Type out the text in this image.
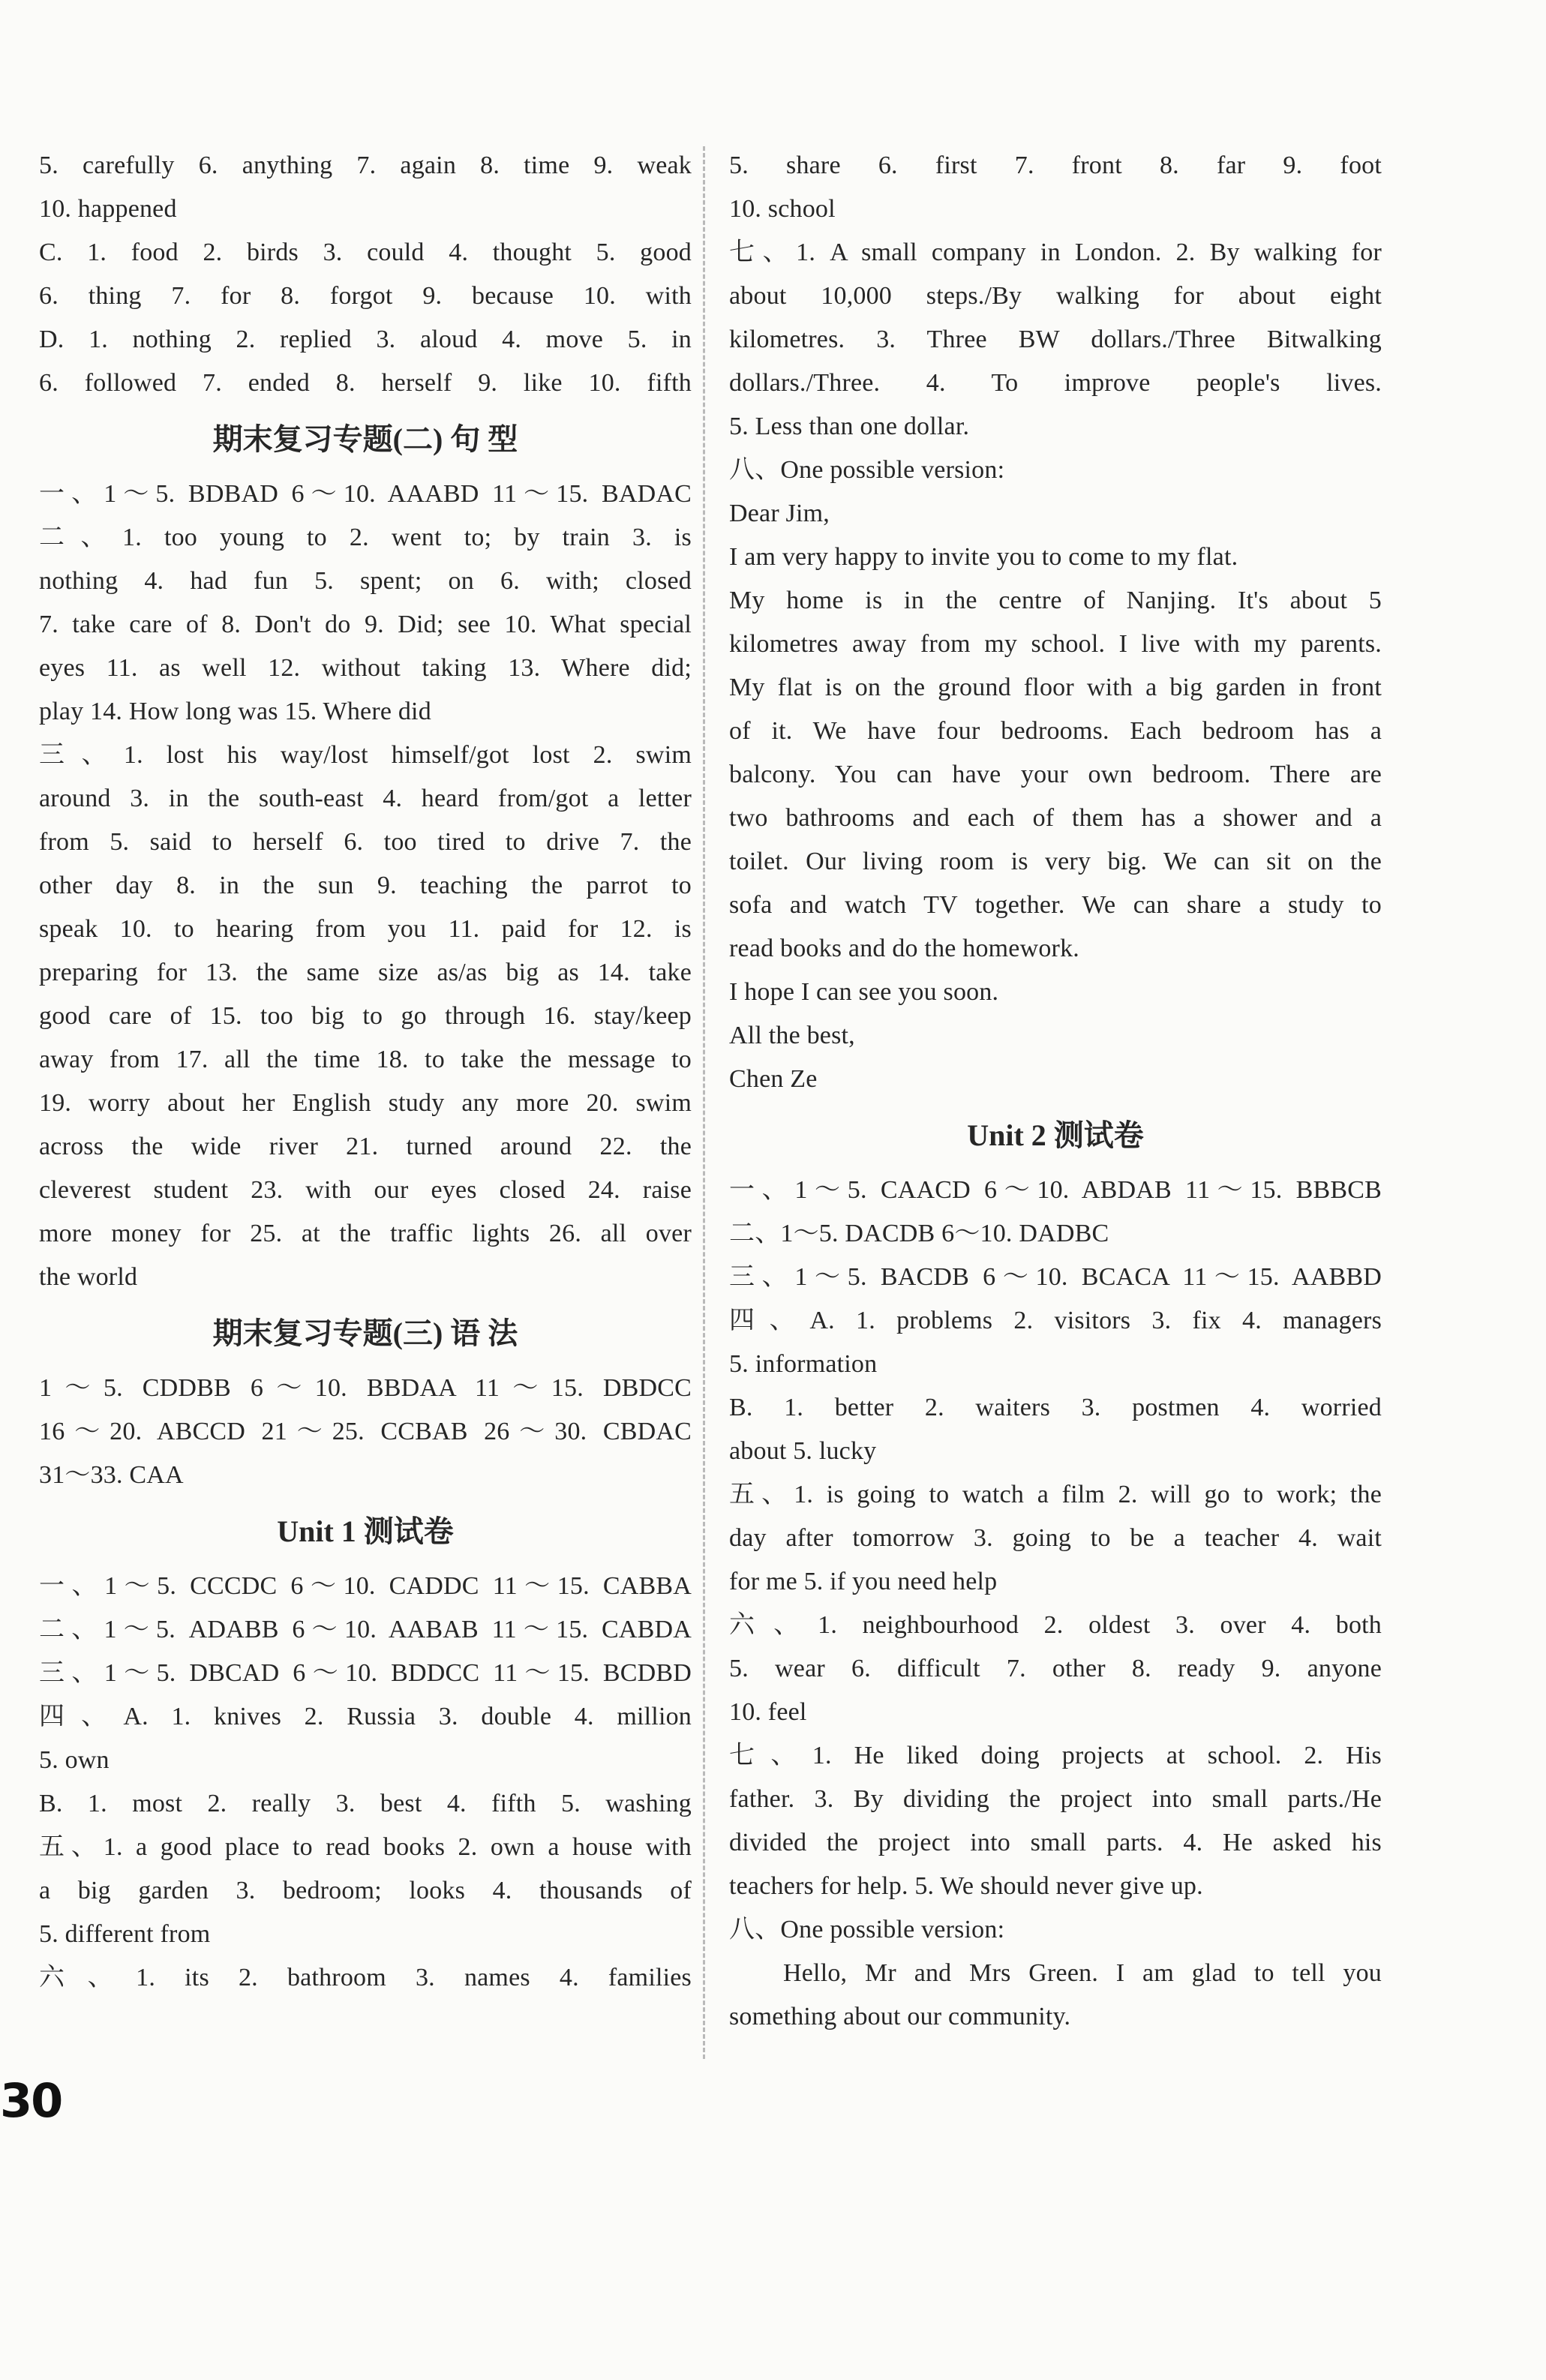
5. carefully 6. anything 7. again 8. time 9. weak
10. happened
C. 1. food 2. birds 3. could 4. thought 5. good
6. thing 7. for 8. forgot 9. because 10. with
D. 1. nothing 2. replied 3. aloud 4. move 5. in
6. followed 7. ended 8. herself 9. like 10. fifth
期末复习专题(二) 句 型
一、1～5. BDBAD 6～10. AAABD 11～15. BADAC
二、1. too young to 2. went to; by train 3. is
nothing 4. had fun 5. spent; on 6. with; closed
7. take care of 8. Don't do 9. Did; see 10. What special
eyes 11. as well 12. without taking 13. Where did;
play 14. How long was 15. Where did
三、1. lost his way/lost himself/got lost 2. swim
around 3. in the south-east 4. heard from/got a letter
from 5. said to herself 6. too tired to drive 7. the
other day 8. in the sun 9. teaching the parrot to
speak 10. to hearing from you 11. paid for 12. is
preparing for 13. the same size as/as big as 14. take
good care of 15. too big to go through 16. stay/keep
away from 17. all the time 18. to take the message to
19. worry about her English study any more 20. swim
across the wide river 21. turned around 22. the
cleverest student 23. with our eyes closed 24. raise
more money for 25. at the traffic lights 26. all over
the world
期末复习专题(三) 语 法
1～5. CDDBB 6～10. BBDAA 11～15. DBDCC
16～20. ABCCD 21～25. CCBAB 26～30. CBDAC
31～33. CAA
Unit 1 测试卷
一、1～5. CCCDC 6～10. CADDC 11～15. CABBA
二、1～5. ADABB 6～10. AABAB 11～15. CABDA
三、1～5. DBCAD 6～10. BDDCC 11～15. BCDBD
四、A. 1. knives 2. Russia 3. double 4. million
5. own
B. 1. most 2. really 3. best 4. fifth 5. washing
五、1. a good place to read books 2. own a house with
a big garden 3. bedroom; looks 4. thousands of
5. different from
六、1. its 2. bathroom 3. names 4. families
5. share 6. first 7. front 8. far 9. foot
10. school
七、1. A small company in London. 2. By walking for
about 10,000 steps./By walking for about eight
kilometres. 3. Three BW dollars./Three Bitwalking
dollars./Three. 4. To improve people's lives.
5. Less than one dollar.
八、One possible version:
Dear Jim,
I am very happy to invite you to come to my flat.
My home is in the centre of Nanjing. It's about 5
kilometres away from my school. I live with my parents.
My flat is on the ground floor with a big garden in front
of it. We have four bedrooms. Each bedroom has a
balcony. You can have your own bedroom. There are
two bathrooms and each of them has a shower and a
toilet. Our living room is very big. We can sit on the
sofa and watch TV together. We can share a study to
read books and do the homework.
I hope I can see you soon.
All the best,
Chen Ze
Unit 2 测试卷
一、1～5. CAACD 6～10. ABDAB 11～15. BBBCB
二、1～5. DACDB 6～10. DADBC
三、1～5. BACDB 6～10. BCACA 11～15. AABBD
四、A. 1. problems 2. visitors 3. fix 4. managers
5. information
B. 1. better 2. waiters 3. postmen 4. worried
about 5. lucky
五、1. is going to watch a film 2. will go to work; the
day after tomorrow 3. going to be a teacher 4. wait
for me 5. if you need help
六、1. neighbourhood 2. oldest 3. over 4. both
5. wear 6. difficult 7. other 8. ready 9. anyone
10. feel
七、1. He liked doing projects at school. 2. His
father. 3. By dividing the project into small parts./He
divided the project into small parts. 4. He asked his
teachers for help. 5. We should never give up.
八、One possible version:
Hello, Mr and Mrs Green. I am glad to tell you
something about our community.
30
